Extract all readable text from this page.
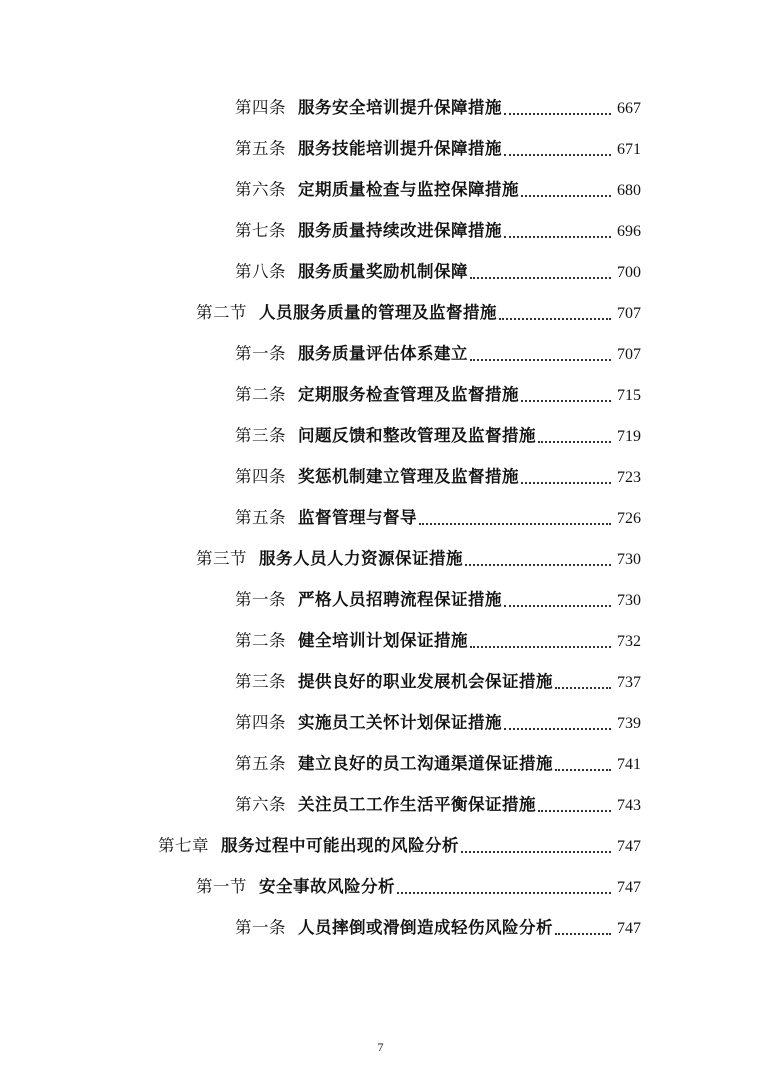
第四条 服务安全培训提升保障措施	667
第五条 服务技能培训提升保障措施	671
第六条 定期质量检查与监控保障措施	680
第七条 服务质量持续改进保障措施	696
第八条 服务质量奖励机制保障	700
第二节 人员服务质量的管理及监督措施	707
第一条 服务质量评估体系建立	707
第二条 定期服务检查管理及监督措施	715
第三条 问题反馈和整改管理及监督措施	719
第四条 奖惩机制建立管理及监督措施	723
第五条 监督管理与督导	726
第三节 服务人员人力资源保证措施	730
第一条 严格人员招聘流程保证措施	730
第二条 健全培训计划保证措施	732
第三条 提供良好的职业发展机会保证措施	737
第四条 实施员工关怀计划保证措施	739
第五条 建立良好的员工沟通渠道保证措施	741
第六条 关注员工工作生活平衡保证措施	743
第七章 服务过程中可能出现的风险分析	747
第一节 安全事故风险分析	747
第一条 人员摔倒或滑倒造成轻伤风险分析	747
7
